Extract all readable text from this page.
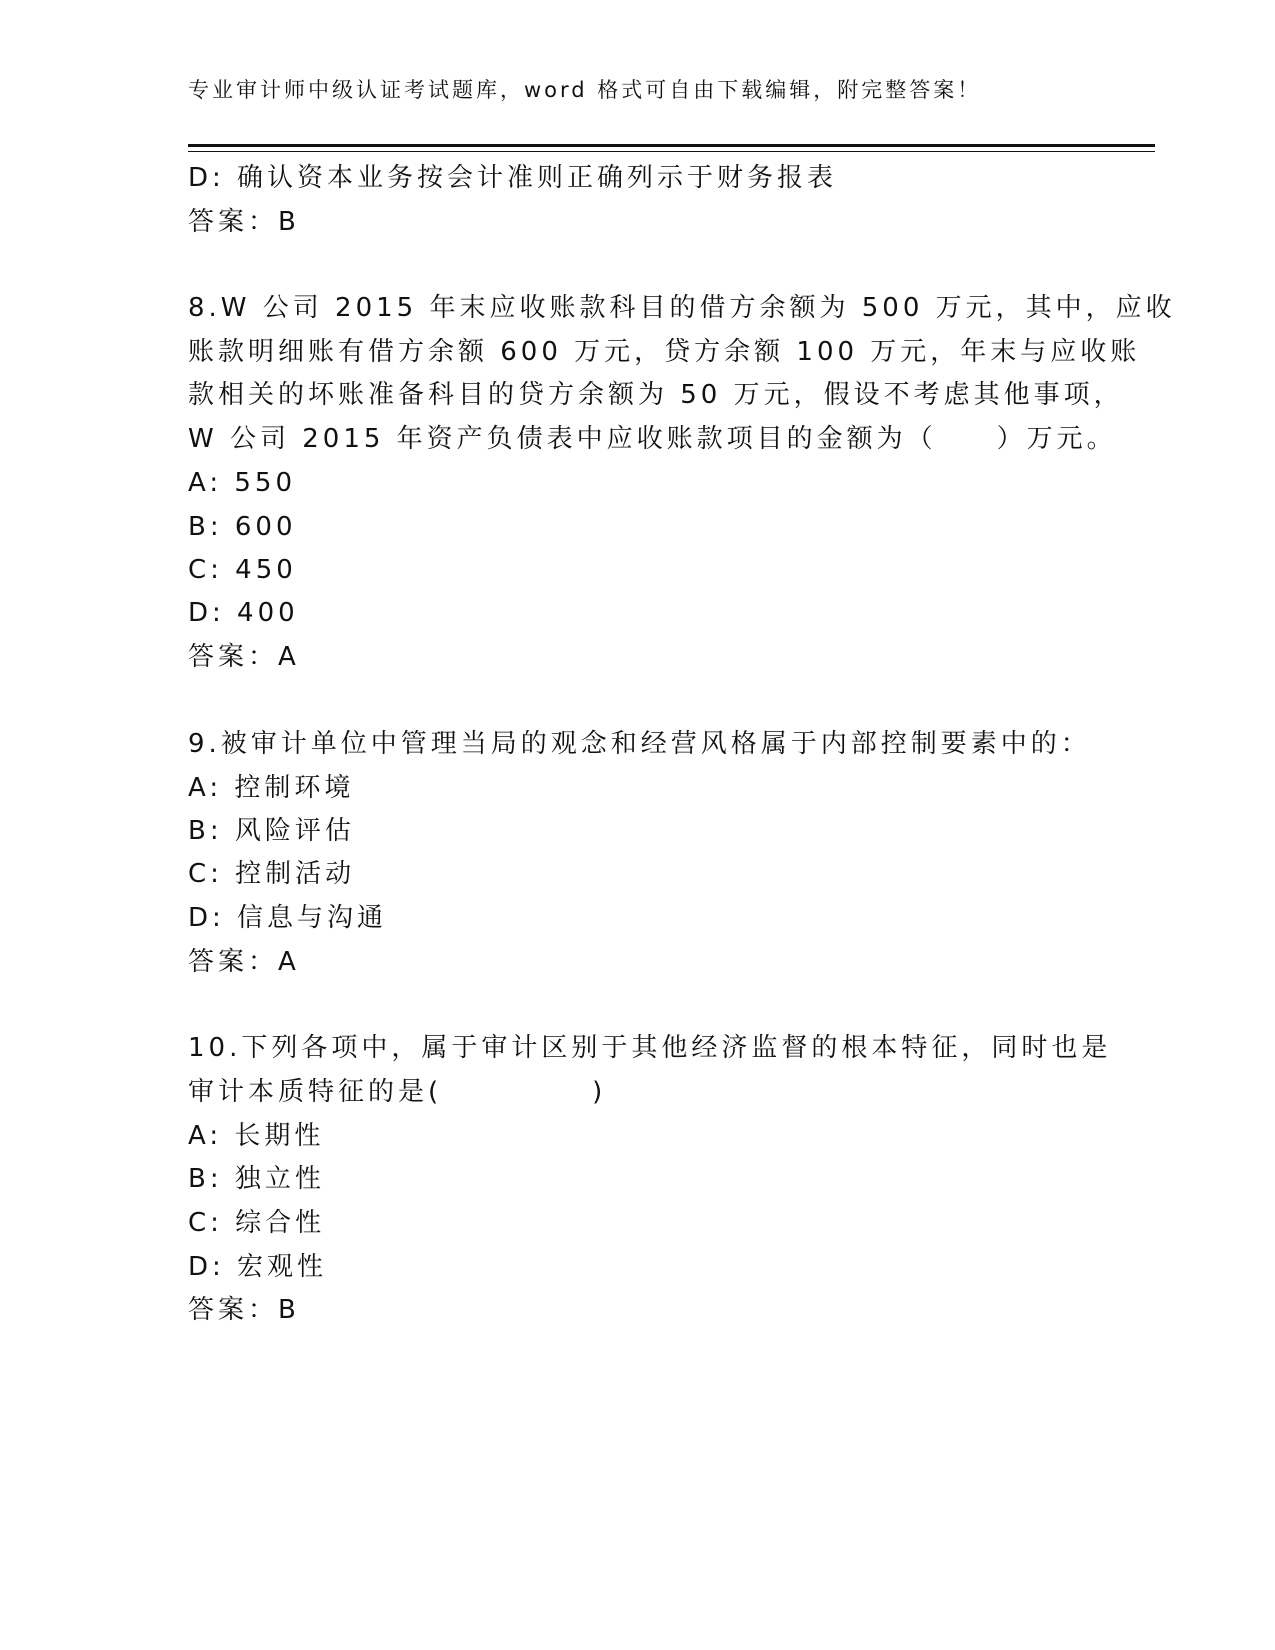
专业审计师中级认证考试题库，word 格式可自由下载编辑，附完整答案！
D: 确认资本业务按会计准则正确列示于财务报表
答案：B
8.W 公司 2015 年末应收账款科目的借方余额为 500 万元，其中，应收
账款明细账有借方余额 600 万元，贷方余额 100 万元，年末与应收账
款相关的坏账准备科目的贷方余额为 50 万元，假设不考虑其他事项，
W 公司 2015 年资产负债表中应收账款项目的金额为（　　）万元。
A: 550
B: 600
C: 450
D: 400
答案：A
9.被审计单位中管理当局的观念和经营风格属于内部控制要素中的：
A: 控制环境
B: 风险评估
C: 控制活动
D: 信息与沟通
答案：A
10.下列各项中，属于审计区别于其他经济监督的根本特征，同时也是
审计本质特征的是(　　　　　)
A: 长期性
B: 独立性
C: 综合性
D: 宏观性
答案：B
